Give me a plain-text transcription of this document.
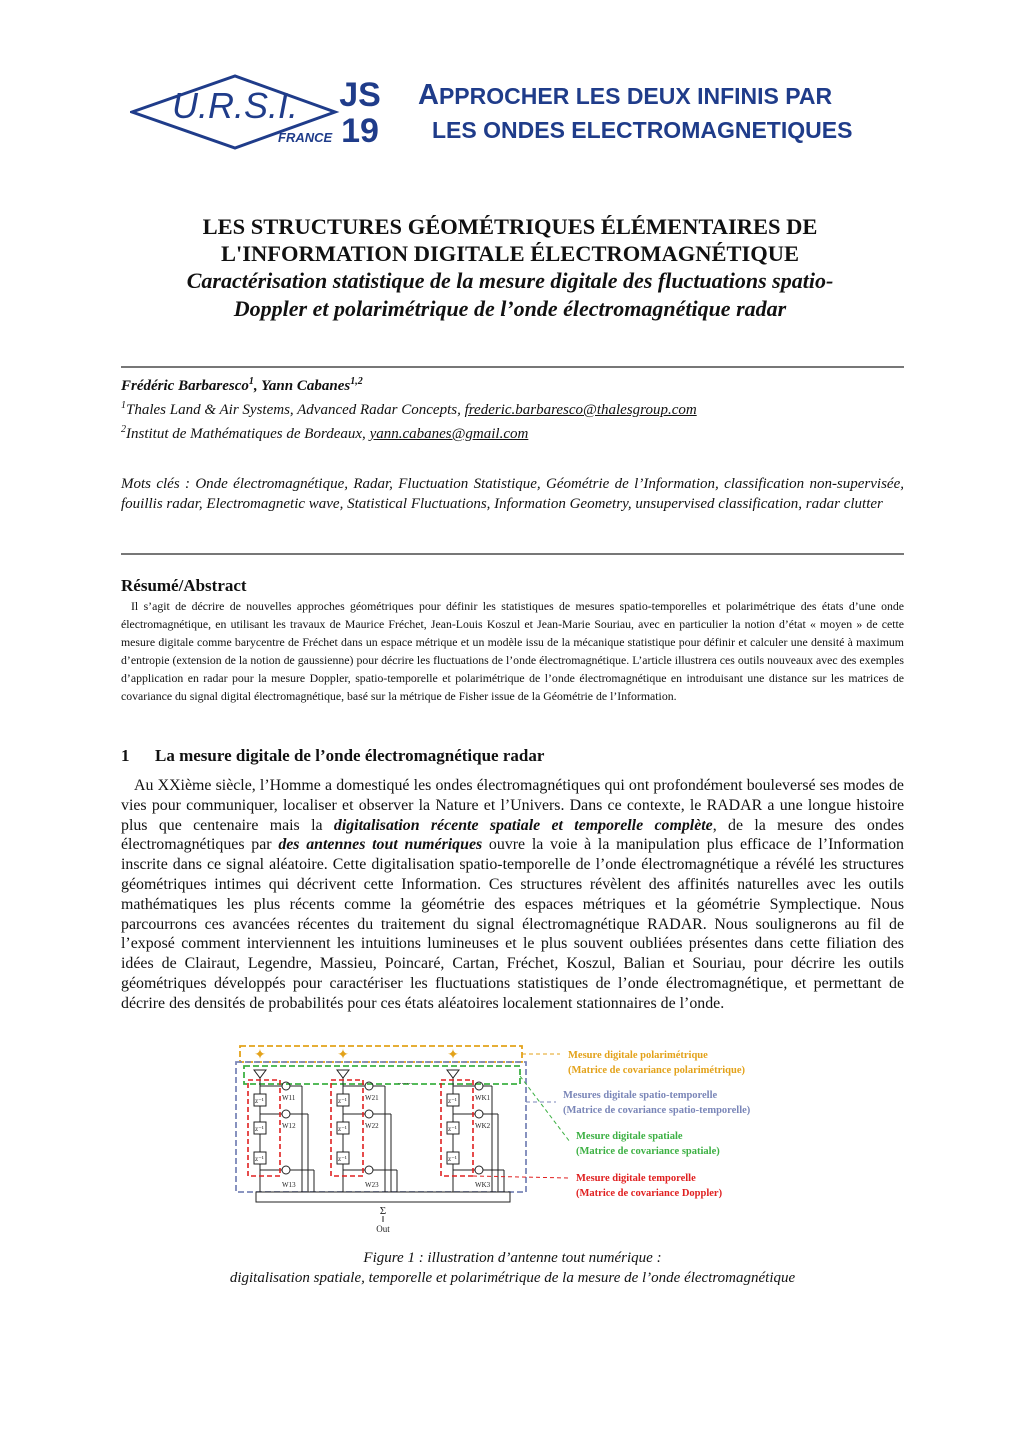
U.R.S.I.
FRANCE
JS
19
APPROCHER LES DEUX INFINIS PAR
LES ONDES ELECTROMAGNETIQUES
LES STRUCTURES GÉOMÉTRIQUES ÉLÉMENTAIRES DE
L'INFORMATION DIGITALE ÉLECTROMAGNÉTIQUE
Caractérisation statistique de la mesure digitale des fluctuations spatio-
Doppler et polarimétrique de l’onde électromagnétique radar
Frédéric Barbaresco$^1$, Yann Cabanes$^{1,2}$
$^1$Thales Land & Air Systems, Advanced Radar Concepts, frederic.barbaresco@thalesgroup.com
$^2$Institut de Mathématiques de Bordeaux, yann.cabanes@gmail.com
Mots clés : Onde électromagnétique, Radar, Fluctuation Statistique, Géométrie de l’Information, classification non-supervisée, fouillis radar, Electromagnetic wave, Statistical Fluctuations, Information Geometry, unsupervised classification, radar clutter
Résumé/Abstract
Il s’agit de décrire de nouvelles approches géométriques pour définir les statistiques de mesures spatio-temporelles et polarimétrique des états d’une onde électromagnétique, en utilisant les travaux de Maurice Fréchet, Jean-Louis Koszul et Jean-Marie Souriau, avec en particulier la notion d’état « moyen » de cette mesure digitale comme barycentre de Fréchet dans un espace métrique et un modèle issu de la mécanique statistique pour définir et calculer une densité à maximum d’entropie (extension de la notion de gaussienne) pour décrire les fluctuations de l’onde électromagnétique. L’article illustrera ces outils nouveaux avec des exemples d’application en radar pour la mesure Doppler, spatio-temporelle et polarimétrique de l’onde électromagnétique en introduisant une distance sur les matrices de covariance du signal digital électromagnétique, basé sur la métrique de Fisher issue de la Géométrie de l’Information.
1      La mesure digitale de l’onde électromagnétique radar
Au XXième siècle, l’Homme a domestiqué les ondes électromagnétiques qui ont profondément bouleversé ses modes de vies pour communiquer, localiser et observer la Nature et l’Univers. Dans ce contexte, le RADAR a une longue histoire plus que centenaire mais la digitalisation récente spatiale et temporelle complète, de la mesure des ondes électromagnétiques par des antennes tout numériques ouvre la voie à la manipulation plus efficace de l’Information inscrite dans ce signal aléatoire. Cette digitalisation spatio-temporelle de l’onde électromagnétique a révélé les structures géométriques intimes qui décrivent cette Information. Ces structures révèlent des affinités naturelles avec les outils mathématiques les plus récents comme la géométrie des espaces métriques et la géométrie Symplectique. Nous parcourrons ces avancées récentes du traitement du signal électromagnétique RADAR. Nous soulignerons au fil de l’exposé comment interviennent les intuitions lumineuses et le plus souvent oubliées présentes dans cette filiation des idées de Clairaut, Legendre, Massieu, Poincaré, Cartan, Fréchet, Koszul, Balian et Souriau, pour décrire les outils géométriques développés pour caractériser les fluctuations statistiques de l’onde électromagnétique, et permettant de décrire des densités de probabilités pour ces états aléatoires localement stationnaires de l’onde.
✦	✦	✦
z⁻¹
z⁻¹
z⁻¹
z⁻¹
z⁻¹
z⁻¹
z⁻¹
z⁻¹
z⁻¹
W11
W12
W13
W21
W22
W23
WK1
WK2
WK3
........
Σ
Out
Mesure digitale polarimétrique
(Matrice de covariance polarimétrique)
Mesures digitale spatio-temporelle
(Matrice de covariance spatio-temporelle)
Mesure digitale spatiale
(Matrice de covariance spatiale)
Mesure digitale temporelle
(Matrice de covariance Doppler)
Figure 1 : illustration d’antenne tout numérique :
digitalisation spatiale, temporelle et polarimétrique de la mesure de l’onde électromagnétique
